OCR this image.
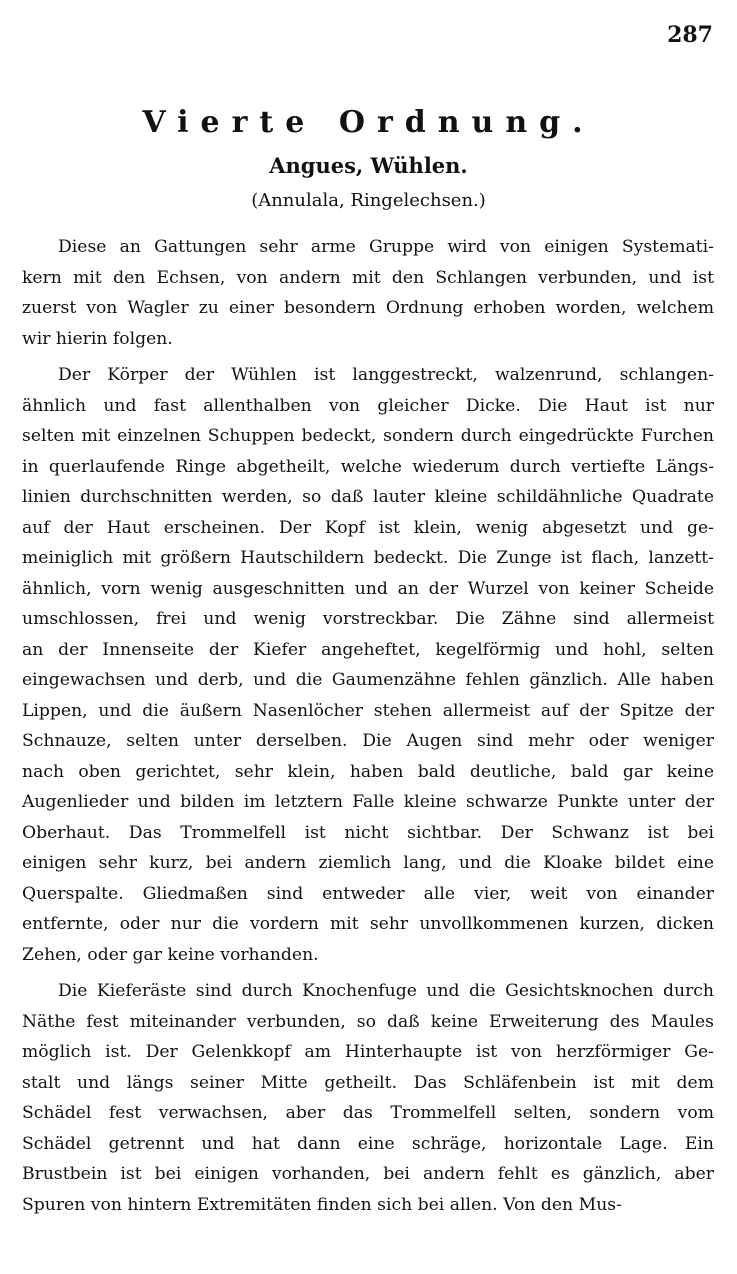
287
Vierte Ordnung.
Angues, Wühlen.
(Annulala, Ringelechsen.)
Diese an Gattungen sehr arme Gruppe wird von einigen Systemati-
kern mit den Echsen, von andern mit den Schlangen verbunden, und ist
zuerst von Wagler zu einer besondern Ordnung erhoben worden, welchem
wir hierin folgen.
Der Körper der Wühlen ist langgestreckt, walzenrund, schlangen-
ähnlich und fast allenthalben von gleicher Dicke. Die Haut ist nur
selten mit einzelnen Schuppen bedeckt, sondern durch eingedrückte Furchen
in querlaufende Ringe abgetheilt, welche wiederum durch vertiefte Längs-
linien durchschnitten werden, so daß lauter kleine schildähnliche Quadrate
auf der Haut erscheinen. Der Kopf ist klein, wenig abgesetzt und ge-
meiniglich mit größern Hautschildern bedeckt. Die Zunge ist flach, lanzett-
ähnlich, vorn wenig ausgeschnitten und an der Wurzel von keiner Scheide
umschlossen, frei und wenig vorstreckbar. Die Zähne sind allermeist
an der Innenseite der Kiefer angeheftet, kegelförmig und hohl, selten
eingewachsen und derb, und die Gaumenzähne fehlen gänzlich. Alle haben
Lippen, und die äußern Nasenlöcher stehen allermeist auf der Spitze der
Schnauze, selten unter derselben. Die Augen sind mehr oder weniger
nach oben gerichtet, sehr klein, haben bald deutliche, bald gar keine
Augenlieder und bilden im letztern Falle kleine schwarze Punkte unter der
Oberhaut. Das Trommelfell ist nicht sichtbar. Der Schwanz ist bei
einigen sehr kurz, bei andern ziemlich lang, und die Kloake bildet eine
Querspalte. Gliedmaßen sind entweder alle vier, weit von einander
entfernte, oder nur die vordern mit sehr unvollkommenen kurzen, dicken
Zehen, oder gar keine vorhanden.
Die Kieferäste sind durch Knochenfuge und die Gesichtsknochen durch
Näthe fest miteinander verbunden, so daß keine Erweiterung des Maules
möglich ist. Der Gelenkkopf am Hinterhaupte ist von herzförmiger Ge-
stalt und längs seiner Mitte getheilt. Das Schläfenbein ist mit dem
Schädel fest verwachsen, aber das Trommelfell selten, sondern vom
Schädel getrennt und hat dann eine schräge, horizontale Lage. Ein
Brustbein ist bei einigen vorhanden, bei andern fehlt es gänzlich, aber
Spuren von hintern Extremitäten finden sich bei allen. Von den Mus-
